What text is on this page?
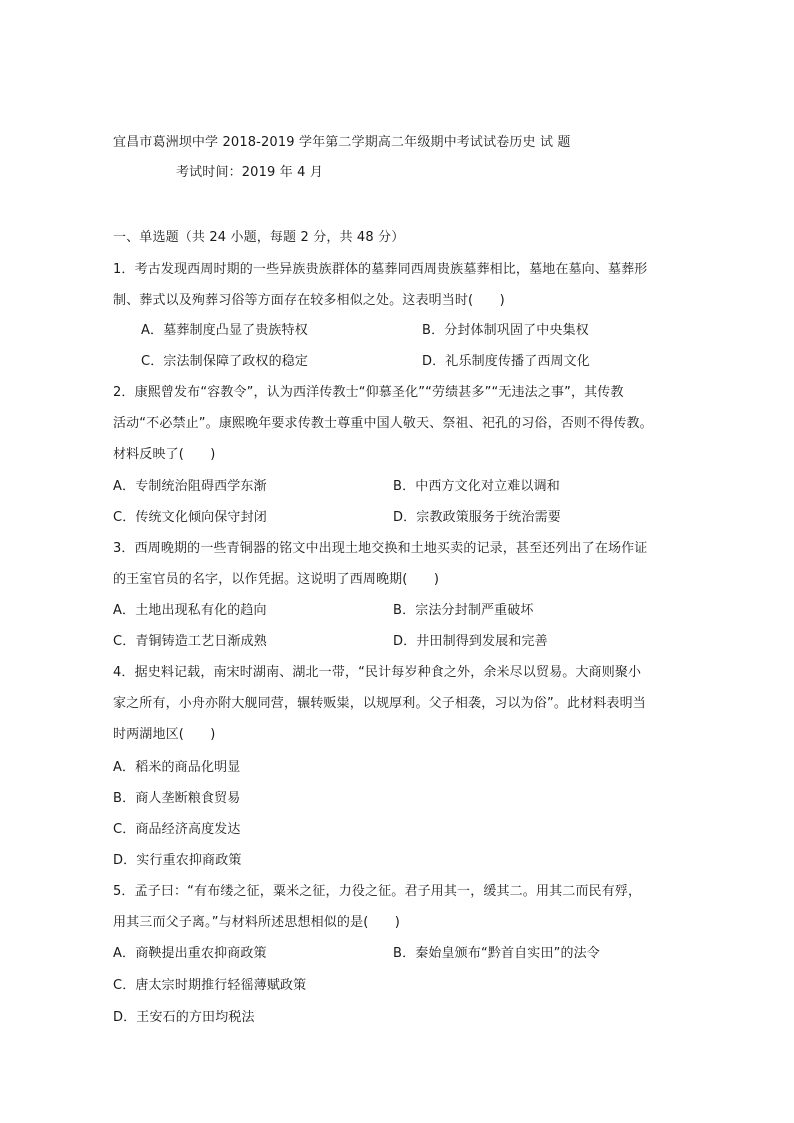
宜昌市葛洲坝中学 2018-2019 学年第二学期高二年级期中考试试卷历史 试 题
考试时间：2019 年 4 月
一、单选题（共 24 小题，每题 2 分，共 48 分）
1．考古发现西周时期的一些异族贵族群体的墓葬同西周贵族墓葬相比，墓地在墓向、墓葬形
制、葬式以及殉葬习俗等方面存在较多相似之处。这表明当时(　　)
A．墓葬制度凸显了贵族特权	B．分封体制巩固了中央集权
C．宗法制保障了政权的稳定	D．礼乐制度传播了西周文化
2．康熙曾发布“容教令”，认为西洋传教士“仰慕圣化”“劳绩甚多”“无违法之事”，其传教
活动“不必禁止”。康熙晚年要求传教士尊重中国人敬天、祭祖、祀孔的习俗，否则不得传教。
材料反映了(　　)
A．专制统治阻碍西学东渐	B．中西方文化对立难以调和
C．传统文化倾向保守封闭	D．宗教政策服务于统治需要
3．西周晚期的一些青铜器的铭文中出现土地交换和土地买卖的记录，甚至还列出了在场作证
的王室官员的名字，以作凭据。这说明了西周晚期(　　)
A．土地出现私有化的趋向	B．宗法分封制严重破坏
C．青铜铸造工艺日渐成熟	D．井田制得到发展和完善
4．据史料记载，南宋时湖南、湖北一带，“民计每岁种食之外，余米尽以贸易。大商则聚小
家之所有，小舟亦附大舰同营，辗转贩粜，以规厚利。父子相袭，习以为俗”。此材料表明当
时两湖地区(　　)
A．稻米的商品化明显
B．商人垄断粮食贸易
C．商品经济高度发达
D．实行重农抑商政策
5．孟子曰：“有布缕之征，粟米之征，力役之征。君子用其一，缓其二。用其二而民有殍，
用其三而父子离。”与材料所述思想相似的是(　　)
A．商鞅提出重农抑商政策	B．秦始皇颁布“黔首自实田”的法令
C．唐太宗时期推行轻徭薄赋政策
D．王安石的方田均税法
